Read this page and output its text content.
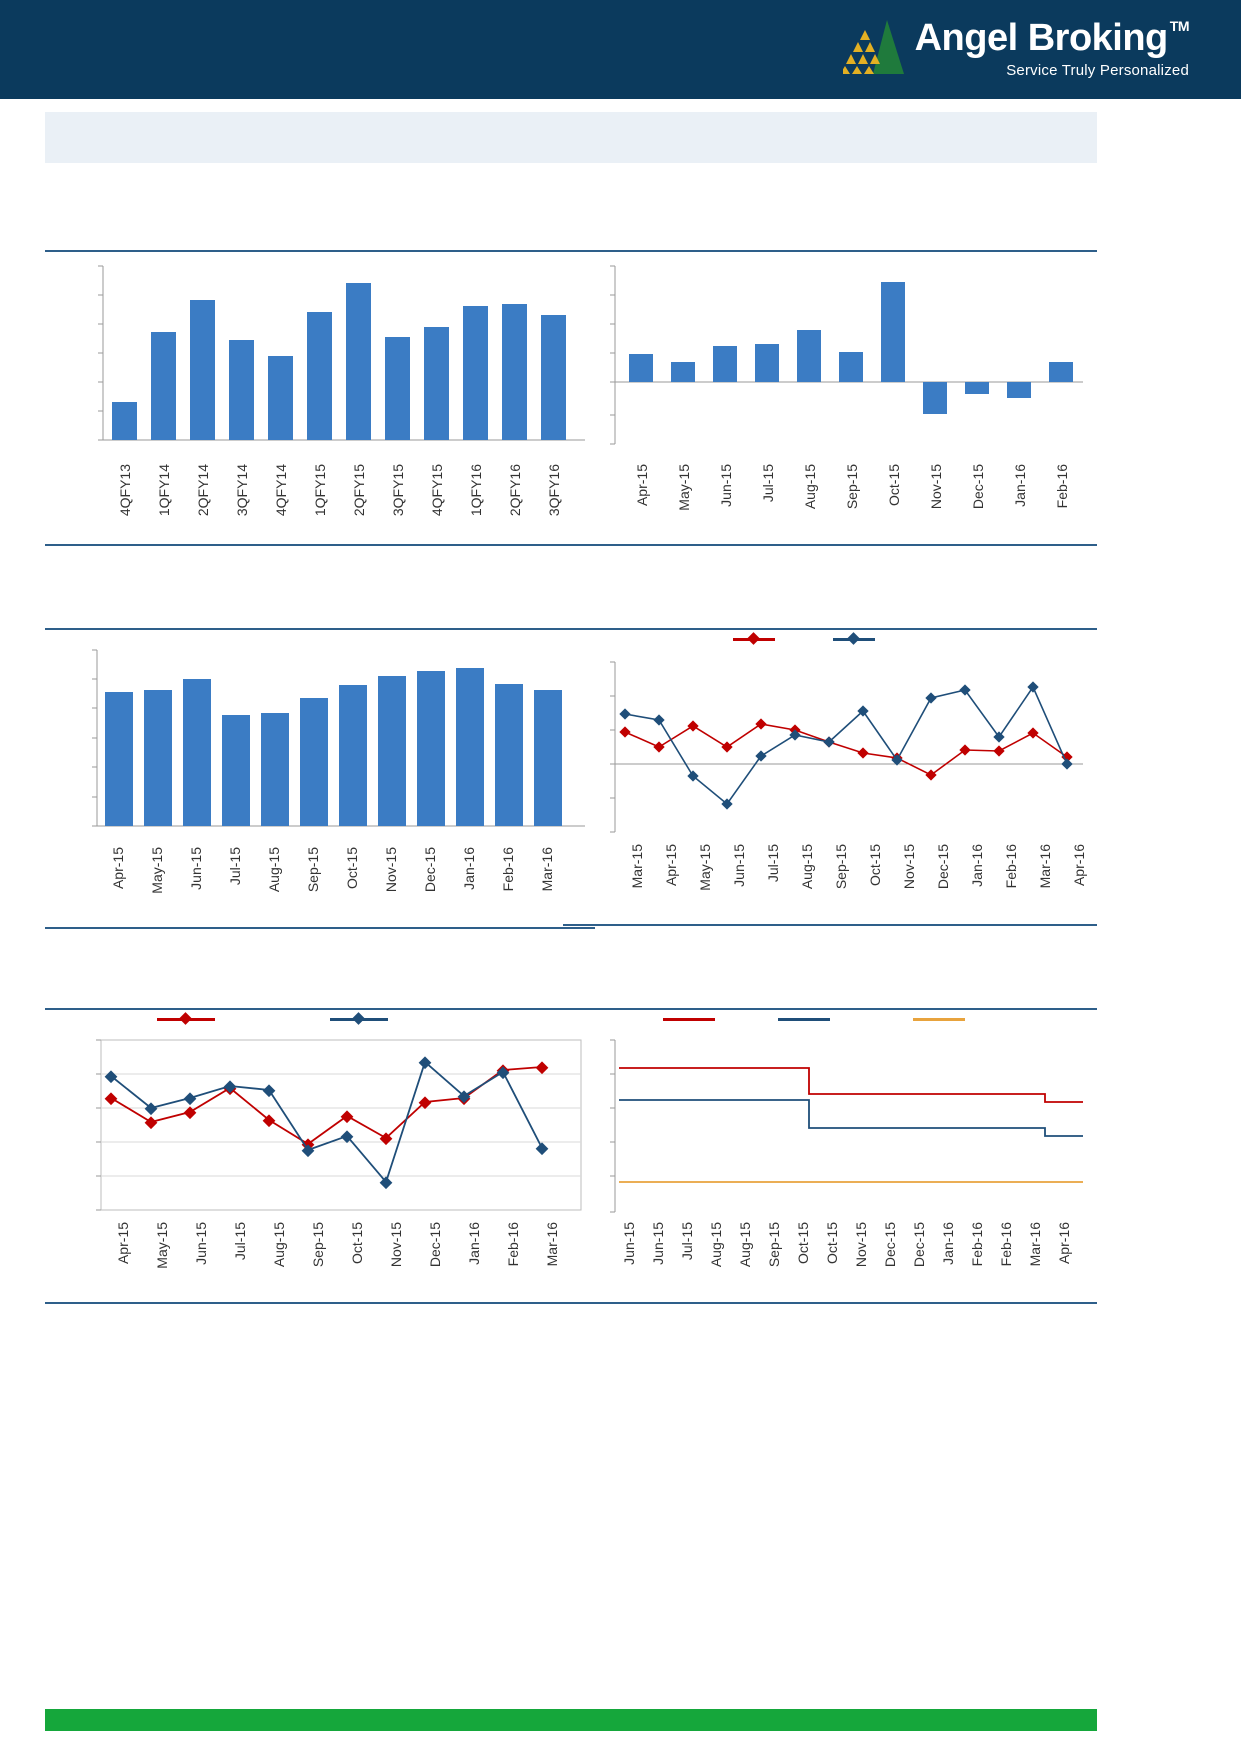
Angel Broking TM
Service Truly Personalized
4QFY13 1QFY14 2QFY14 3QFY14 4QFY14 1QFY15 2QFY15 3QFY15 4QFY15 1QFY16 2QFY16 3QFY16	Apr-15 May-15 Jun-15 Jul-15 Aug-15 Sep-15 Oct-15 Nov-15 Dec-15 Jan-16 Feb-16
Apr-15 May-15 Jun-15 Jul-15 Aug-15 Sep-15 Oct-15 Nov-15 Dec-15 Jan-16 Feb-16 Mar-16	Mar-15 Apr-15 May-15 Jun-15 Jul-15 Aug-15 Sep-15 Oct-15 Nov-15 Dec-15 Jan-16 Feb-16 Mar-16 Apr-16
Apr-15 May-15 Jun-15 Jul-15 Aug-15 Sep-15 Oct-15 Nov-15 Dec-15 Jan-16 Feb-16 Mar-16	Jun-15 Jun-15 Jul-15 Aug-15 Aug-15 Sep-15 Oct-15 Oct-15 Nov-15 Dec-15 Dec-15 Jan-16 Feb-16 Feb-16 Mar-16 Apr-16
